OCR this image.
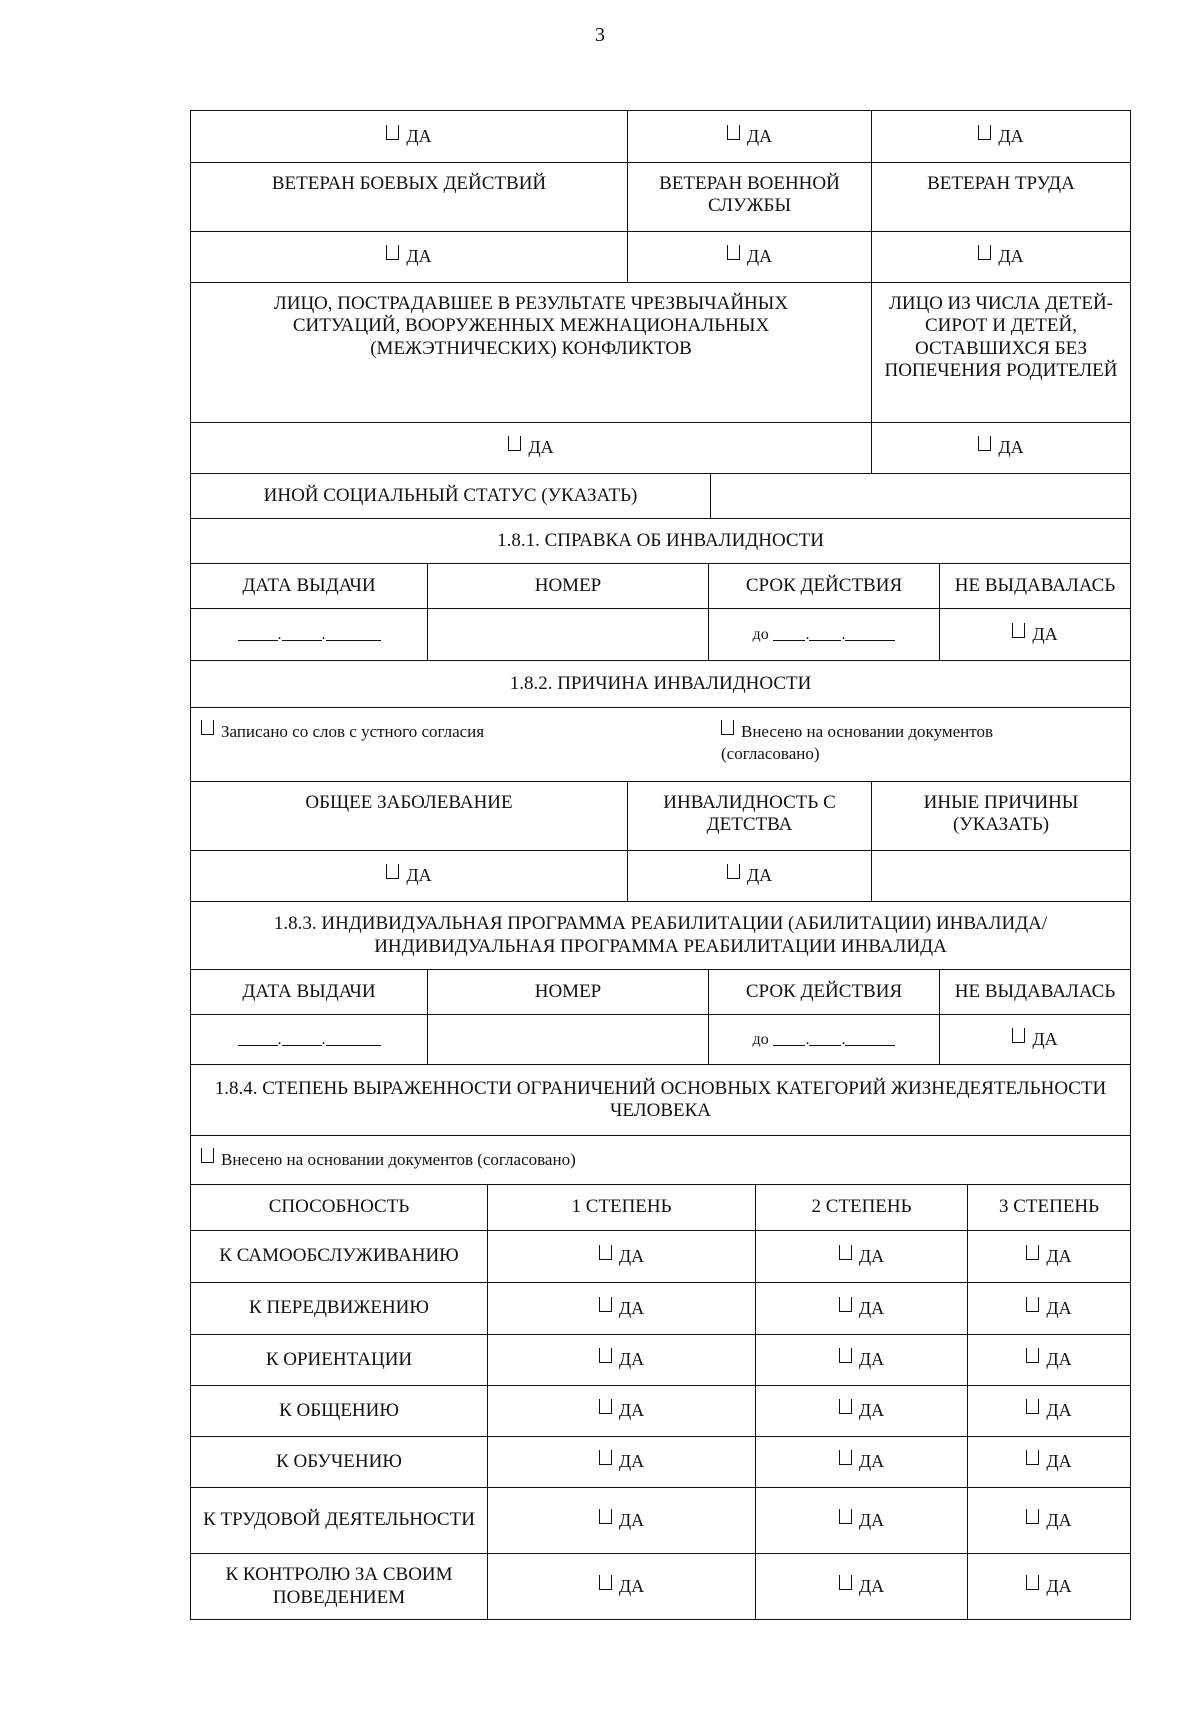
3
ДА	ДА	ДА
ВЕТЕРАН БОЕВЫХ ДЕЙСТВИЙ	ВЕТЕРАН ВОЕННОЙ СЛУЖБЫ	ВЕТЕРАН ТРУДА
ДА	ДА	ДА
ЛИЦО, ПОСТРАДАВШЕЕ В РЕЗУЛЬТАТЕ ЧРЕЗВЫЧАЙНЫХ СИТУАЦИЙ, ВООРУЖЕННЫХ МЕЖНАЦИОНАЛЬНЫХ (МЕЖЭТНИЧЕСКИХ) КОНФЛИКТОВ	ЛИЦО ИЗ ЧИСЛА ДЕТЕЙ-СИРОТ И ДЕТЕЙ, ОСТАВШИХСЯ БЕЗ ПОПЕЧЕНИЯ РОДИТЕЛЕЙ
ДА	ДА
ИНОЙ СОЦИАЛЬНЫЙ СТАТУС (УКАЗАТЬ)	
1.8.1. СПРАВКА ОБ ИНВАЛИДНОСТИ			
ДАТА ВЫДАЧИ	НОМЕР	СРОК ДЕЙСТВИЯ	НЕ ВЫДАВАЛАСЬ
. .		до . .	ДА
1.8.2. ПРИЧИНА ИНВАЛИДНОСТИ		

Записано со слов с устного согласия Внесено на основании документов (согласовано)		

ОБЩЕЕ ЗАБОЛЕВАНИЕ	ИНВАЛИДНОСТЬ С ДЕТСТВА	ИНЫЕ ПРИЧИНЫ (УКАЗАТЬ)
ДА	ДА	
1.8.3. ИНДИВИДУАЛЬНАЯ ПРОГРАММА РЕАБИЛИТАЦИИ (АБИЛИТАЦИИ) ИНВАЛИДА/ИНДИВИДУАЛЬНАЯ ПРОГРАММА РЕАБИЛИТАЦИИ ИНВАЛИДА			
ДАТА ВЫДАЧИ	НОМЕР	СРОК ДЕЙСТВИЯ	НЕ ВЫДАВАЛАСЬ
. .		до . .	ДА
1.8.4. СТЕПЕНЬ ВЫРАЖЕННОСТИ ОГРАНИЧЕНИЙ ОСНОВНЫХ КАТЕГОРИЙ ЖИЗНЕДЕЯТЕЛЬНОСТИ ЧЕЛОВЕКА			
Внесено на основании документов (согласовано)			
СПОСОБНОСТЬ	1 СТЕПЕНЬ	2 СТЕПЕНЬ	3 СТЕПЕНЬ
К САМООБСЛУЖИВАНИЮ	ДА	ДА	ДА
К ПЕРЕДВИЖЕНИЮ	ДА	ДА	ДА
К ОРИЕНТАЦИИ	ДА	ДА	ДА
К ОБЩЕНИЮ	ДА	ДА	ДА
К ОБУЧЕНИЮ	ДА	ДА	ДА
К ТРУДОВОЙ ДЕЯТЕЛЬНОСТИ	ДА	ДА	ДА
К КОНТРОЛЮ ЗА СВОИМ ПОВЕДЕНИЕМ	ДА	ДА	ДА
